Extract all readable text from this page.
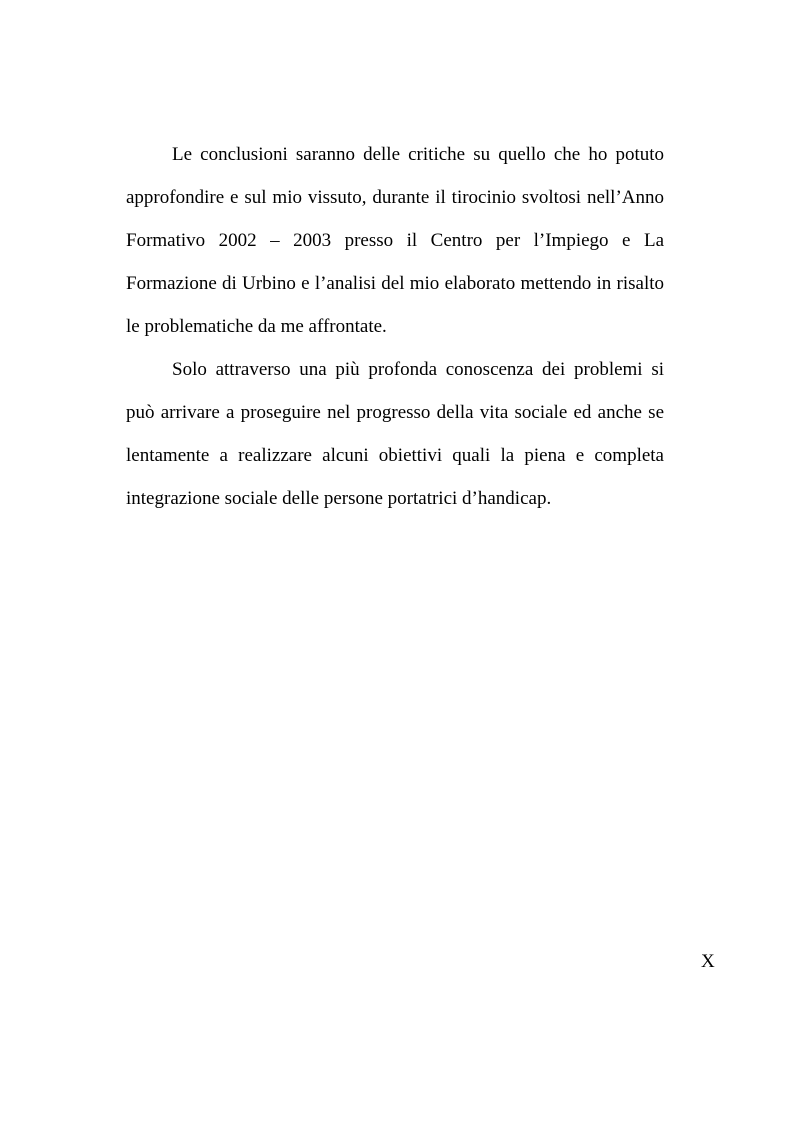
Le conclusioni saranno delle critiche su quello che ho potuto approfondire e sul mio vissuto, durante il tirocinio svoltosi nell’Anno Formativo 2002 – 2003 presso il Centro per l’Impiego e La Formazione di Urbino e l’analisi del mio elaborato mettendo in risalto le problematiche da me affrontate.

Solo attraverso una più profonda conoscenza dei problemi si può arrivare a proseguire nel progresso della vita sociale ed anche se lentamente a realizzare alcuni obiettivi quali la piena e completa integrazione sociale delle persone portatrici d’handicap.

X
